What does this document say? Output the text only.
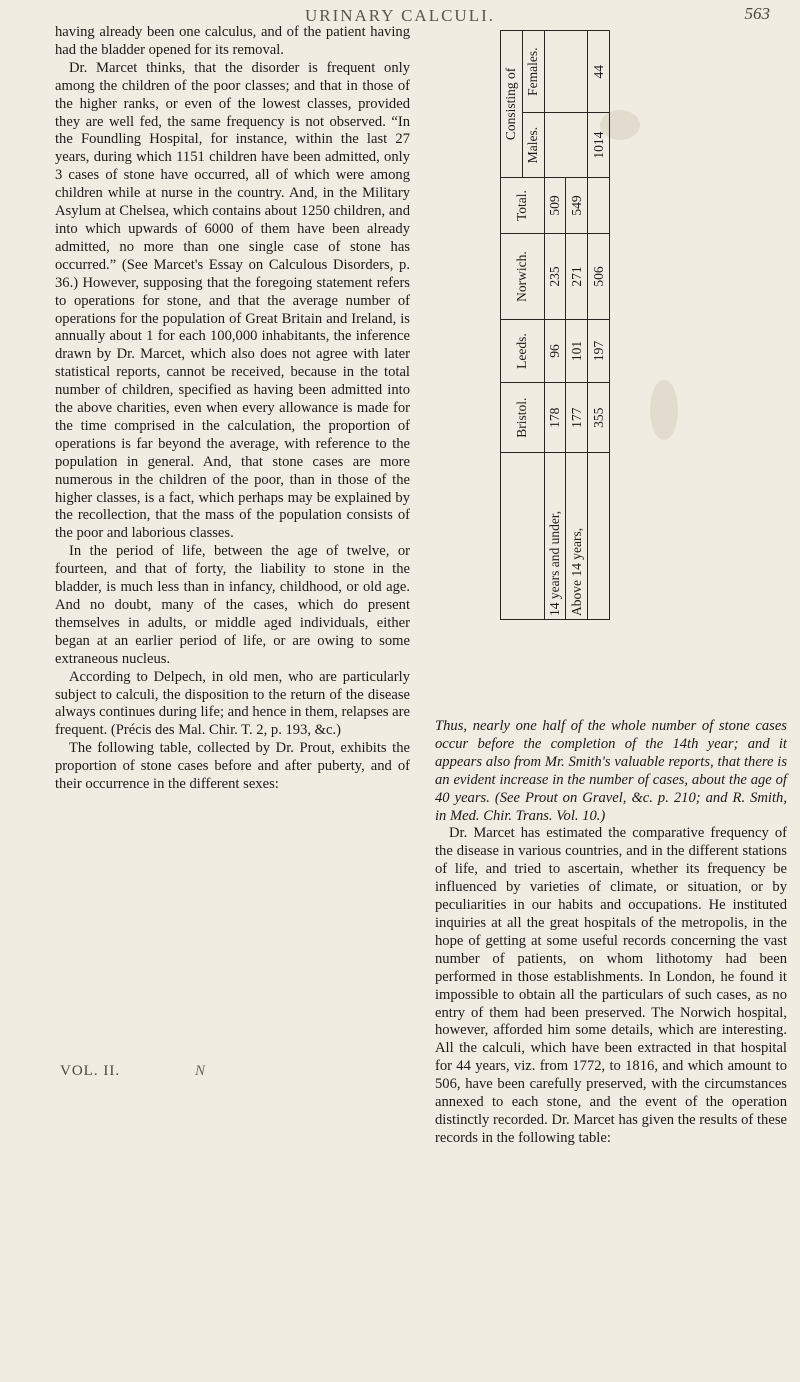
URINARY CALCULI.	563

having already been one calculus, and of the patient having had the bladder opened for its removal.

Dr. Marcet thinks, that the disorder is frequent only among the children of the poor classes; and that in those of the higher ranks, or even of the lowest classes, provided they are well fed, the same frequency is not observed. “In the Foundling Hospital, for instance, within the last 27 years, during which 1151 children have been admitted, only 3 cases of stone have occurred, all of which were among children while at nurse in the country. And, in the Military Asylum at Chelsea, which contains about 1250 children, and into which upwards of 6000 of them have been already admitted, no more than one single case of stone has occurred.” (See Marcet's Essay on Calculous Disorders, p. 36.) However, supposing that the foregoing statement refers to operations for stone, and that the average number of operations for the population of Great Britain and Ireland, is annually about 1 for each 100,000 inhabitants, the inference drawn by Dr. Marcet, which also does not agree with later statistical reports, cannot be received, because in the total number of children, specified as having been admitted into the above charities, even when every allowance is made for the time comprised in the calculation, the proportion of operations is far beyond the average, with reference to the population in general. And, that stone cases are more numerous in the children of the poor, than in those of the higher classes, is a fact, which perhaps may be explained by the recollection, that the mass of the population consists of the poor and laborious classes.

In the period of life, between the age of twelve, or fourteen, and that of forty, the liability to stone in the bladder, is much less than in infancy, childhood, or old age. And no doubt, many of the cases, which do present themselves in adults, or middle aged individuals, either began at an earlier period of life, or are owing to some extraneous nucleus.

According to Delpech, in old men, who are particularly subject to calculi, the disposition to the return of the disease always continues during life; and hence in them, relapses are frequent. (Précis des Mal. Chir. T. 2, p. 193, &c.)

The following table, collected by Dr. Prout, exhibits the proportion of stone cases before and after puberty, and of their occurrence in the different sexes:

	Bristol.	Leeds.	Norwich.	Total.	Consisting of	
					Males.	Females.
14 years and under,	178	96	235	509		
Above 14 years,	177	101	271	549		
	355	197	506		1014	44

Thus, nearly one half of the whole number of stone cases occur before the completion of the 14th year; and it appears also from Mr. Smith's valuable reports, that there is an evident increase in the number of cases, about the age of 40 years. (See Prout on Gravel, &c. p. 210; and R. Smith, in Med. Chir. Trans. Vol. 10.)

Dr. Marcet has estimated the comparative frequency of the disease in various countries, and in the different stations of life, and tried to ascertain, whether its frequency be influenced by varieties of climate, or situation, or by peculiarities in our habits and occupations. He instituted inquiries at all the great hospitals of the metropolis, in the hope of getting at some useful records concerning the vast number of patients, on whom lithotomy had been performed in those establishments. In London, he found it impossible to obtain all the particulars of such cases, as no entry of them had been preserved. The Norwich hospital, however, afforded him some details, which are interesting. All the calculi, which have been extracted in that hospital for 44 years, viz. from 1772, to 1816, and which amount to 506, have been carefully preserved, with the circumstances annexed to each stone, and the event of the operation distinctly recorded. Dr. Marcet has given the results of these records in the following table:

VOL. II.	N
